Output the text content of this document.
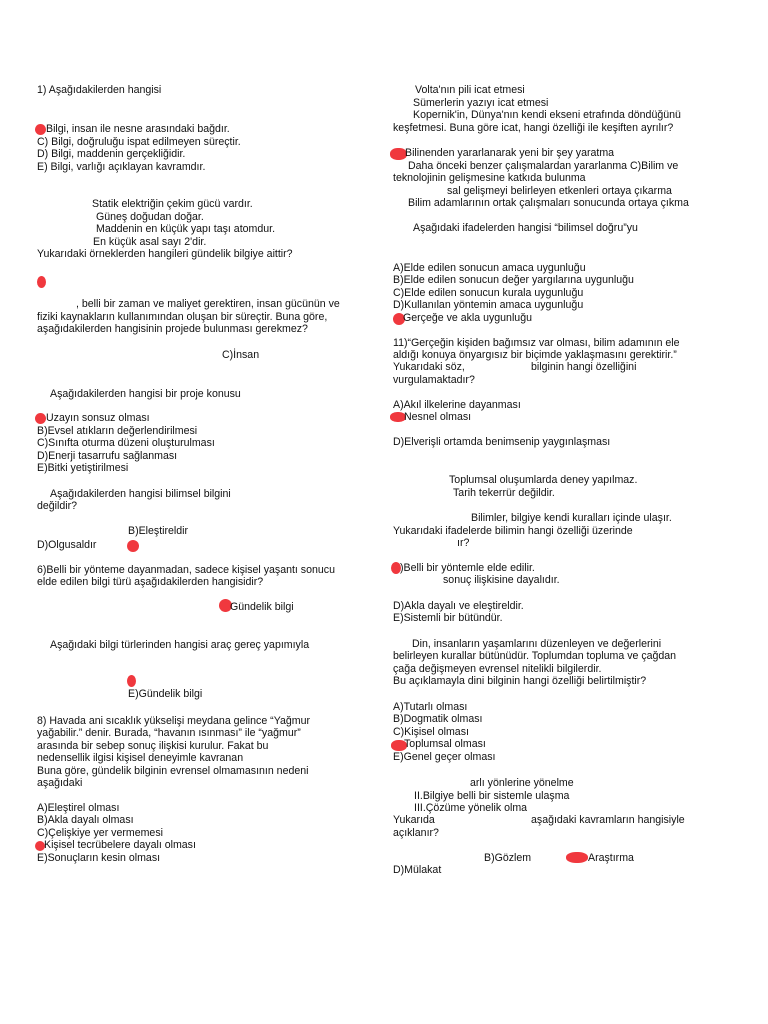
1) Aşağıdakilerden hangisi
Bilgi, insan ile nesne arasındaki bağdır.
C) Bilgi, doğruluğu ispat edilmeyen süreçtir.
D) Bilgi, maddenin gerçekliğidir.
E) Bilgi, varlığı açıklayan kavramdır.
Statik elektriğin çekim gücü vardır.
Güneş doğudan doğar.
Maddenin en küçük yapı taşı atomdur.
En küçük asal sayı 2'dir.
Yukarıdaki örneklerden hangileri gündelik bilgiye aittir?
, belli bir zaman ve maliyet gerektiren, insan gücünün ve
fiziki kaynakların kullanımından oluşan bir süreçtir. Buna göre,
aşağıdakilerden hangisinin projede bulunması gerekmez?
C)İnsan
Aşağıdakilerden hangisi bir proje konusu
Uzayın sonsuz olması
B)Evsel atıkların değerlendirilmesi
C)Sınıfta oturma düzeni oluşturulması
D)Enerji tasarrufu sağlanması
E)Bitki yetiştirilmesi
Aşağıdakilerden hangisi bilimsel bilgini
değildir?
B)Eleştireldir
D)Olgusaldır
6)Belli bir yönteme dayanmadan, sadece kişisel yaşantı sonucu
elde edilen bilgi türü aşağıdakilerden hangisidir?
Gündelik bilgi
Aşağıdaki bilgi türlerinden hangisi araç gereç yapımıyla
E)Gündelik bilgi
8) Havada ani sıcaklık yükselişi meydana gelince “Yağmur
yağabilir.” denir. Burada, “havanın ısınması” ile “yağmur”
arasında bir sebep sonuç ilişkisi kurulur. Fakat bu
nedensellik ilgisi kişisel deneyimle kavranan
Buna göre, gündelik bilginin evrensel olmamasının nedeni
aşağıdaki
A)Eleştirel olması
B)Akla dayalı olması
C)Çelişkiye yer vermemesi
Kişisel tecrübelere dayalı olması
E)Sonuçların kesin olması
Volta'nın pili icat etmesi
Sümerlerin yazıyı icat etmesi
Kopernik'in, Dünya'nın kendi ekseni etrafında döndüğünü
keşfetmesi. Buna göre icat, hangi özelliği ile keşiften ayrılır?
Bilinenden yararlanarak yeni bir şey yaratma
Daha önceki benzer çalışmalardan yararlanma C)Bilim ve
teknolojinin gelişmesine katkıda bulunma
sal gelişmeyi belirleyen etkenleri ortaya çıkarma
Bilim adamlarının ortak çalışmaları sonucunda ortaya çıkma
Aşağıdaki ifadelerden hangisi “bilimsel doğru”yu
A)Elde edilen sonucun amaca uygunluğu
B)Elde edilen sonucun değer yargılarına uygunluğu
C)Elde edilen sonucun kurala uygunluğu
D)Kullanılan yöntemin amaca uygunluğu
Gerçeğe ve akla uygunluğu
11)“Gerçeğin kişiden bağımsız var olması, bilim adamının ele
aldığı konuya önyargısız bir biçimde yaklaşmasını gerektirir.”
Yukarıdaki söz,	bilginin hangi özelliğini
vurgulamaktadır?
A)Akıl ilkelerine dayanması
Nesnel olması
D)Elverişli ortamda benimsenip yaygınlaşması
Toplumsal oluşumlarda deney yapılmaz.
Tarih tekerrür değildir.
Bilimler, bilgiye kendi kuralları içinde ulaşır.
Yukarıdaki ifadelerde bilimin hangi özelliği üzerinde
ır?
)Belli bir yöntemle elde edilir.
sonuç ilişkisine dayalıdır.
D)Akla dayalı ve eleştireldir.
E)Sistemli bir bütündür.
Din, insanların yaşamlarını düzenleyen ve değerlerini
belirleyen kurallar bütünüdür. Toplumdan topluma ve çağdan
çağa değişmeyen evrensel nitelikli bilgilerdir.
Bu açıklamayla dini bilginin hangi özelliği belirtilmiştir?
A)Tutarlı olması
B)Dogmatik olması
C)Kişisel olması
Toplumsal olması
E)Genel geçer olması
arlı yönlerine yönelme
II.Bilgiye belli bir sistemle ulaşma
III.Çözüme yönelik olma
Yukarıda	aşağıdaki kavramların hangisiyle
açıklanır?
B)Gözlem	Araştırma
D)Mülakat
